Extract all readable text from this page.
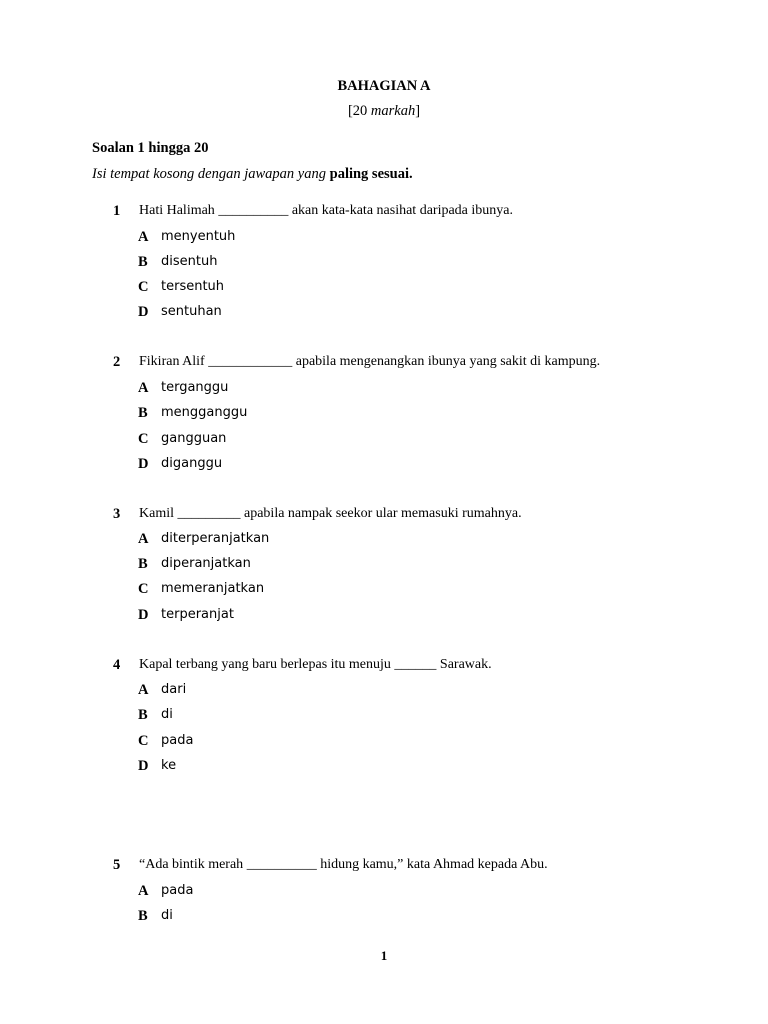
BAHAGIAN A
[20 markah]
Soalan 1 hingga 20
Isi tempat kosong dengan jawapan yang paling sesuai.
1 Hati Halimah __________ akan kata-kata nasihat daripada ibunya.
A menyentuh
B disentuh
C tersentuh
D sentuhan
2 Fikiran Alif ____________ apabila mengenangkan ibunya yang sakit di kampung.
A terganggu
B mengganggu
C gangguan
D diganggu
3 Kamil _________ apabila nampak seekor ular memasuki rumahnya.
A diterperanjatkan
B diperanjatkan
C memeranjatkan
D terperanjat
4 Kapal terbang yang baru berlepas itu menuju ______ Sarawak.
A dari
B di
C pada
D ke
5 “Ada bintik merah __________ hidung kamu,” kata Ahmad kepada Abu.
A pada
B di
1
